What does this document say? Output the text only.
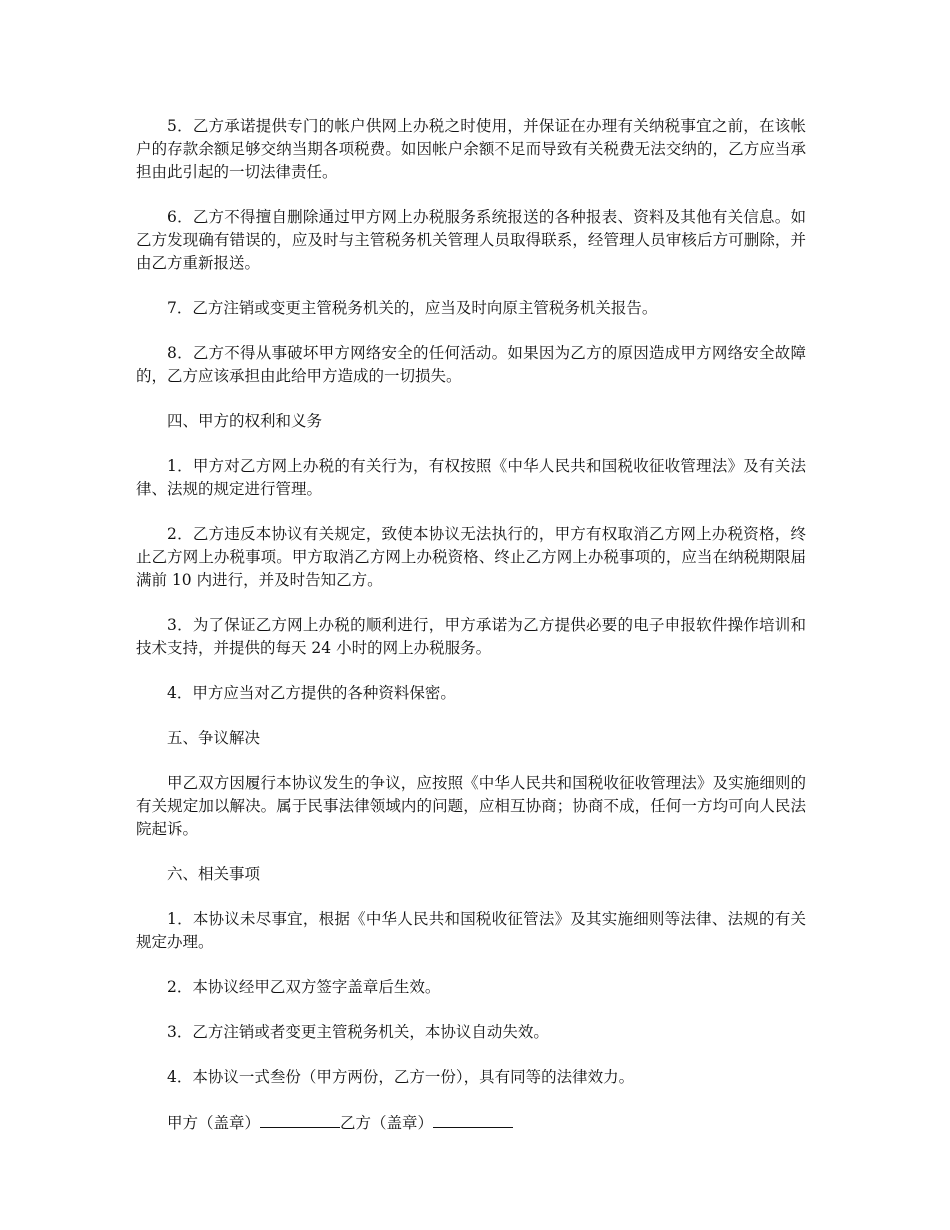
5．乙方承诺提供专门的帐户供网上办税之时使用，并保证在办理有关纳税事宜之前，在该帐户的存款余额足够交纳当期各项税费。如因帐户余额不足而导致有关税费无法交纳的，乙方应当承担由此引起的一切法律责任。

6．乙方不得擅自删除通过甲方网上办税服务系统报送的各种报表、资料及其他有关信息。如乙方发现确有错误的，应及时与主管税务机关管理人员取得联系，经管理人员审核后方可删除，并由乙方重新报送。

7．乙方注销或变更主管税务机关的，应当及时向原主管税务机关报告。

8．乙方不得从事破坏甲方网络安全的任何活动。如果因为乙方的原因造成甲方网络安全故障的，乙方应该承担由此给甲方造成的一切损失。

四、甲方的权利和义务

1．甲方对乙方网上办税的有关行为，有权按照《中华人民共和国税收征收管理法》及有关法律、法规的规定进行管理。

2．乙方违反本协议有关规定，致使本协议无法执行的，甲方有权取消乙方网上办税资格，终止乙方网上办税事项。甲方取消乙方网上办税资格、终止乙方网上办税事项的，应当在纳税期限届满前 10 内进行，并及时告知乙方。

3．为了保证乙方网上办税的顺利进行，甲方承诺为乙方提供必要的电子申报软件操作培训和技术支持，并提供的每天 24 小时的网上办税服务。

4．甲方应当对乙方提供的各种资料保密。

五、争议解决

甲乙双方因履行本协议发生的争议，应按照《中华人民共和国税收征收管理法》及实施细则的有关规定加以解决。属于民事法律领域内的问题，应相互协商；协商不成，任何一方均可向人民法院起诉。

六、相关事项

1．本协议未尽事宜，根据《中华人民共和国税收征管法》及其实施细则等法律、法规的有关规定办理。

2．本协议经甲乙双方签字盖章后生效。

3．乙方注销或者变更主管税务机关，本协议自动失效。

4．本协议一式叁份（甲方两份，乙方一份），具有同等的法律效力。

甲方（盖章）	乙方（盖章）
